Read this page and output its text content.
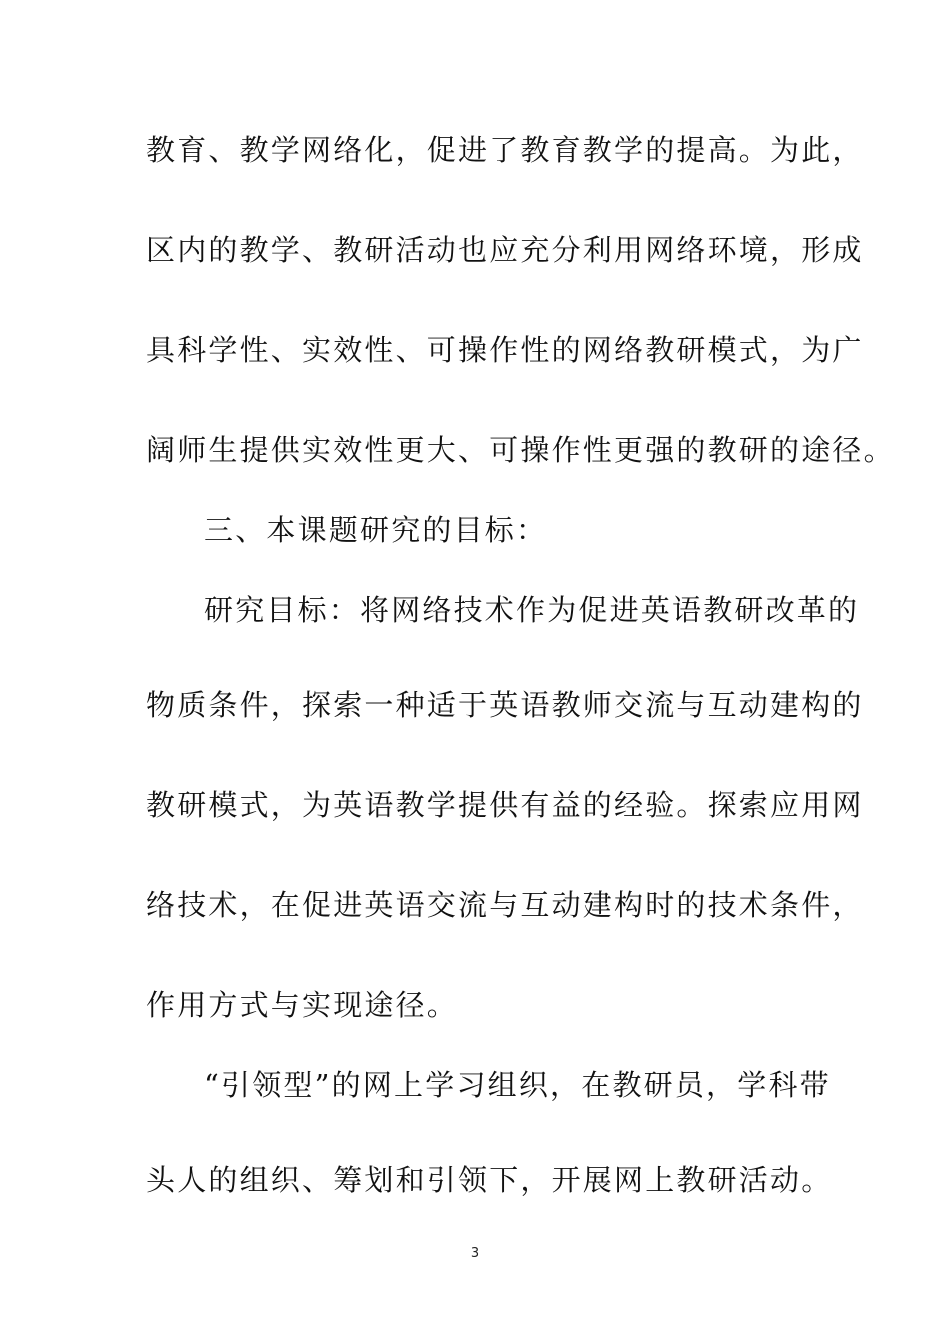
教育、教学网络化，促进了教育教学的提高。为此，

区内的教学、教研活动也应充分利用网络环境，形成

具科学性、实效性、可操作性的网络教研模式，为广

阔师生提供实效性更大、可操作性更强的教研的途径。

三、本课题研究的目标：

研究目标：将网络技术作为促进英语教研改革的

物质条件，探索一种适于英语教师交流与互动建构的

教研模式，为英语教学提供有益的经验。探索应用网

络技术，在促进英语交流与互动建构时的技术条件，

作用方式与实现途径。

“引领型”的网上学习组织，在教研员，学科带

头人的组织、筹划和引领下，开展网上教研活动。

3
